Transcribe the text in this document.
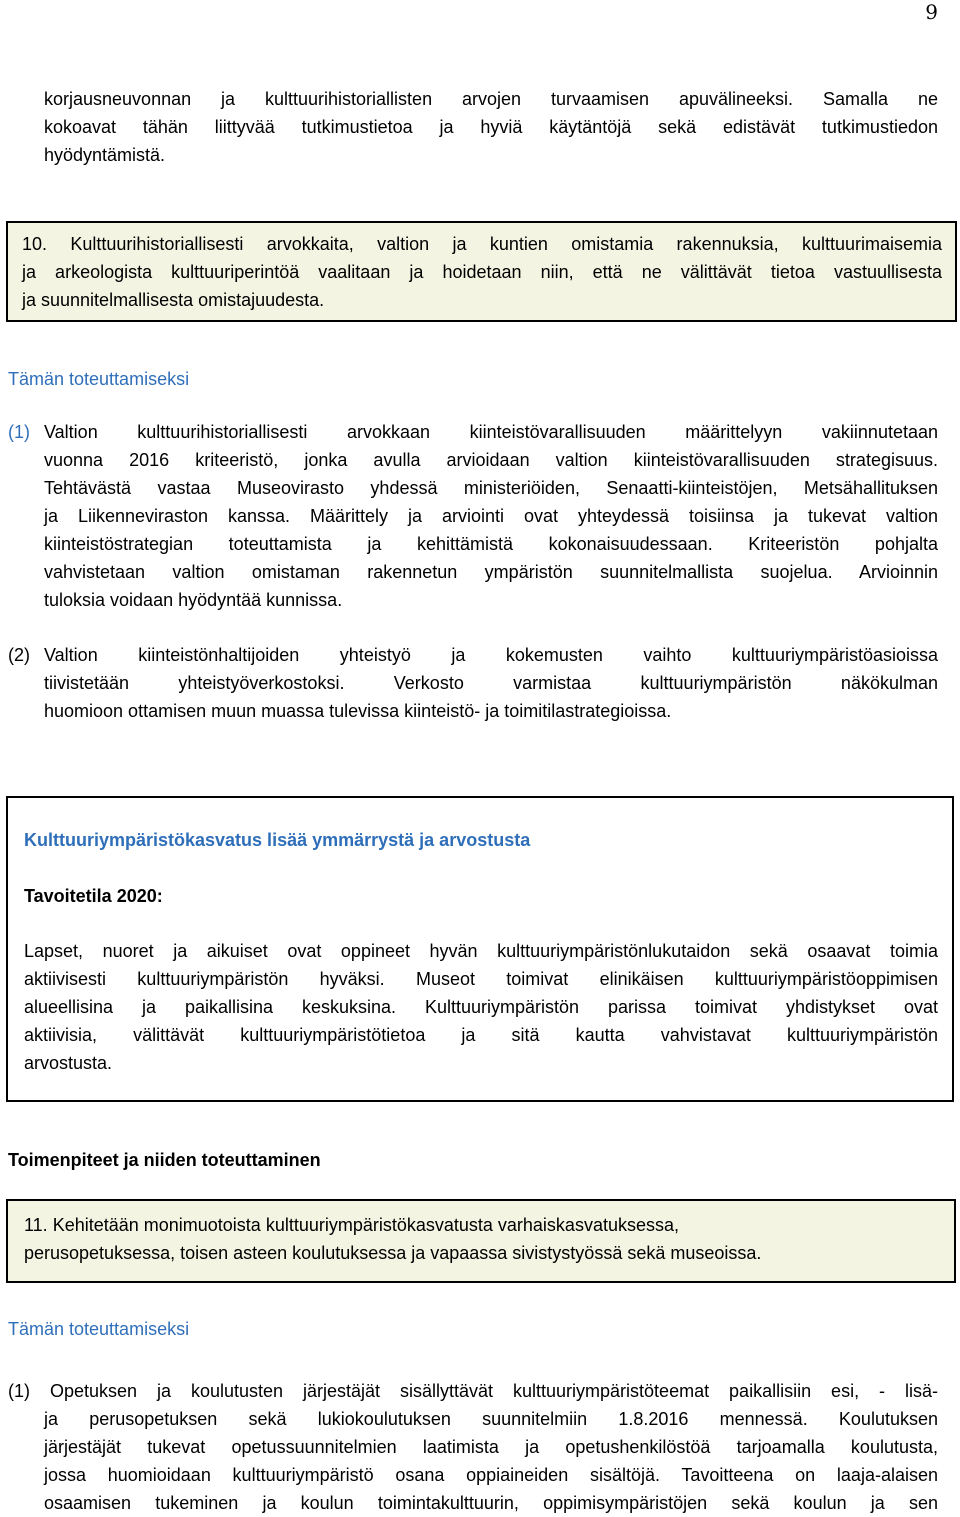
9
korjausneuvonnan ja kulttuurihistoriallisten arvojen turvaamisen apuvälineeksi. Samalla ne
kokoavat tähän liittyvää tutkimustietoa ja hyviä käytäntöjä sekä edistävät tutkimustiedon
hyödyntämistä.
10. Kulttuurihistoriallisesti arvokkaita, valtion ja kuntien omistamia rakennuksia, kulttuurimaisemia
ja arkeologista kulttuuriperintöä vaalitaan ja hoidetaan niin, että ne välittävät tietoa vastuullisesta
ja suunnitelmallisesta omistajuudesta.
Tämän toteuttamiseksi
(1) Valtion kulttuurihistoriallisesti arvokkaan kiinteistövarallisuuden määrittelyyn vakiinnutetaan
vuonna 2016 kriteeristö, jonka avulla arvioidaan valtion kiinteistövarallisuuden strategisuus.
Tehtävästä vastaa Museovirasto yhdessä ministeriöiden, Senaatti-kiinteistöjen, Metsähallituksen
ja Liikenneviraston kanssa. Määrittely ja arviointi ovat yhteydessä toisiinsa ja tukevat valtion
kiinteistöstrategian toteuttamista ja kehittämistä kokonaisuudessaan. Kriteeristön pohjalta
vahvistetaan valtion omistaman rakennetun ympäristön suunnitelmallista suojelua. Arvioinnin
tuloksia voidaan hyödyntää kunnissa.
(2) Valtion kiinteistönhaltijoiden yhteistyö ja kokemusten vaihto kulttuuriympäristöasioissa
tiivistetään yhteistyöverkostoksi. Verkosto varmistaa kulttuuriympäristön näkökulman
huomioon ottamisen muun muassa tulevissa kiinteistö- ja toimitilastrategioissa.
Kulttuuriympäristökasvatus lisää ymmärrystä ja arvostusta
Tavoitetila 2020:
Lapset, nuoret ja aikuiset ovat oppineet hyvän kulttuuriympäristönlukutaidon sekä osaavat toimia
aktiivisesti kulttuuriympäristön hyväksi. Museot toimivat elinikäisen kulttuuriympäristöoppimisen
alueellisina ja paikallisina keskuksina. Kulttuuriympäristön parissa toimivat yhdistykset ovat
aktiivisia, välittävät kulttuuriympäristötietoa ja sitä kautta vahvistavat kulttuuriympäristön
arvostusta.
Toimenpiteet ja niiden toteuttaminen
11. Kehitetään monimuotoista kulttuuriympäristökasvatusta varhaiskasvatuksessa,
perusopetuksessa, toisen asteen koulutuksessa ja vapaassa sivistystyössä sekä museoissa.
Tämän toteuttamiseksi
(1) Opetuksen ja koulutusten järjestäjät sisällyttävät kulttuuriympäristöteemat paikallisiin esi, - lisä-
ja perusopetuksen sekä lukiokoulutuksen suunnitelmiin 1.8.2016 mennessä. Koulutuksen
järjestäjät tukevat opetussuunnitelmien laatimista ja opetushenkilöstöä tarjoamalla koulutusta,
jossa huomioidaan kulttuuriympäristö osana oppiaineiden sisältöjä. Tavoitteena on laaja-alaisen
osaamisen tukeminen ja koulun toimintakulttuurin, oppimisympäristöjen sekä koulun ja sen
